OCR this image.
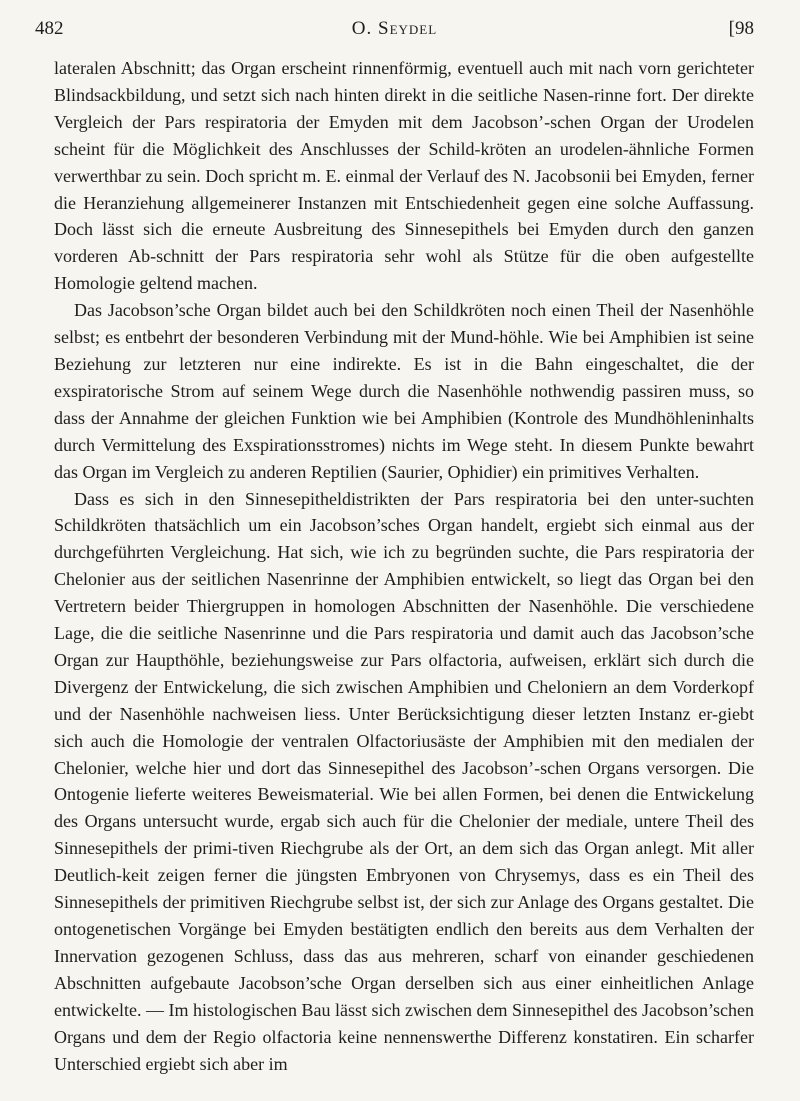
482	O. Seydel	[98

lateralen Abschnitt; das Organ erscheint rinnenförmig, eventuell auch mit nach vorn gerichteter Blindsackbildung, und setzt sich nach hinten direkt in die seitliche Nasen-rinne fort. Der direkte Vergleich der Pars respiratoria der Emyden mit dem Jacobson’-schen Organ der Urodelen scheint für die Möglichkeit des Anschlusses der Schild-kröten an urodelen-ähnliche Formen verwerthbar zu sein. Doch spricht m. E. einmal der Verlauf des N. Jacobsonii bei Emyden, ferner die Heranziehung allgemeinerer Instanzen mit Entschiedenheit gegen eine solche Auffassung. Doch lässt sich die erneute Ausbreitung des Sinnesepithels bei Emyden durch den ganzen vorderen Ab-schnitt der Pars respiratoria sehr wohl als Stütze für die oben aufgestellte Homologie geltend machen.

Das Jacobson’sche Organ bildet auch bei den Schildkröten noch einen Theil der Nasenhöhle selbst; es entbehrt der besonderen Verbindung mit der Mund-höhle. Wie bei Amphibien ist seine Beziehung zur letzteren nur eine indirekte. Es ist in die Bahn eingeschaltet, die der exspiratorische Strom auf seinem Wege durch die Nasenhöhle nothwendig passiren muss, so dass der Annahme der gleichen Funktion wie bei Amphibien (Kontrole des Mundhöhleninhalts durch Vermittelung des Exspirationsstromes) nichts im Wege steht. In diesem Punkte bewahrt das Organ im Vergleich zu anderen Reptilien (Saurier, Ophidier) ein primitives Verhalten.

Dass es sich in den Sinnesepitheldistrikten der Pars respiratoria bei den unter-suchten Schildkröten thatsächlich um ein Jacobson’sches Organ handelt, ergiebt sich einmal aus der durchgeführten Vergleichung. Hat sich, wie ich zu begründen suchte, die Pars respiratoria der Chelonier aus der seitlichen Nasenrinne der Amphibien entwickelt, so liegt das Organ bei den Vertretern beider Thiergruppen in homologen Abschnitten der Nasenhöhle. Die verschiedene Lage, die die seitliche Nasenrinne und die Pars respiratoria und damit auch das Jacobson’sche Organ zur Haupthöhle, beziehungsweise zur Pars olfactoria, aufweisen, erklärt sich durch die Divergenz der Entwickelung, die sich zwischen Amphibien und Cheloniern an dem Vorderkopf und der Nasenhöhle nachweisen liess. Unter Berücksichtigung dieser letzten Instanz er-giebt sich auch die Homologie der ventralen Olfactoriusäste der Amphibien mit den medialen der Chelonier, welche hier und dort das Sinnesepithel des Jacobson’-schen Organs versorgen. Die Ontogenie lieferte weiteres Beweismaterial. Wie bei allen Formen, bei denen die Entwickelung des Organs untersucht wurde, ergab sich auch für die Chelonier der mediale, untere Theil des Sinnesepithels der primi-tiven Riechgrube als der Ort, an dem sich das Organ anlegt. Mit aller Deutlich-keit zeigen ferner die jüngsten Embryonen von Chrysemys, dass es ein Theil des Sinnesepithels der primitiven Riechgrube selbst ist, der sich zur Anlage des Organs gestaltet. Die ontogenetischen Vorgänge bei Emyden bestätigten endlich den bereits aus dem Verhalten der Innervation gezogenen Schluss, dass das aus mehreren, scharf von einander geschiedenen Abschnitten aufgebaute Jacobson’sche Organ derselben sich aus einer einheitlichen Anlage entwickelte. — Im histologischen Bau lässt sich zwischen dem Sinnesepithel des Jacobson’schen Organs und dem der Regio olfactoria keine nennenswerthe Differenz konstatiren. Ein scharfer Unterschied ergiebt sich aber im
